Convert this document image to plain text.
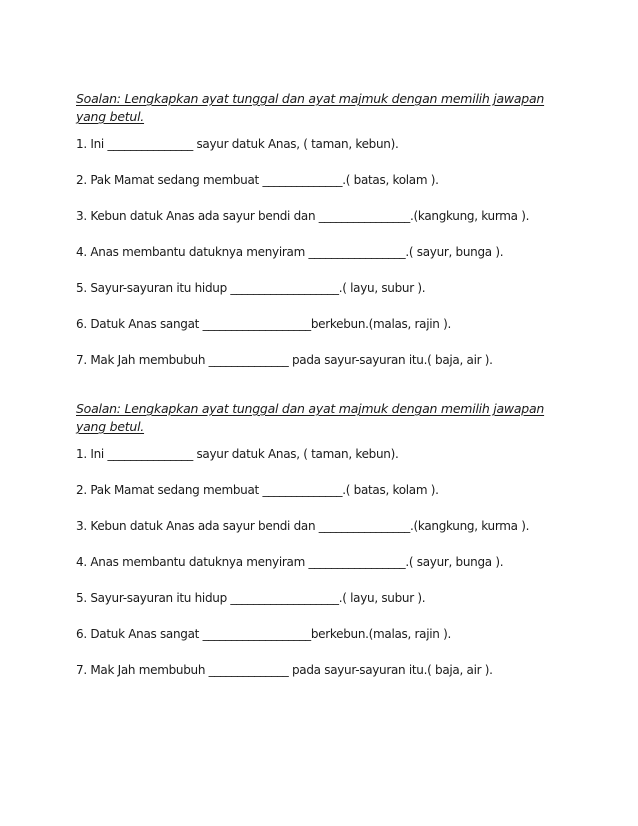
Soalan: Lengkapkan ayat tunggal dan ayat majmuk dengan memilih jawapan yang betul.

1. Ini _______________ sayur datuk Anas, ( taman, kebun).
2. Pak Mamat sedang membuat ______________.( batas, kolam ).
3. Kebun datuk Anas ada sayur bendi dan ________________.(kangkung, kurma ).
4. Anas membantu datuknya menyiram _________________.( sayur, bunga ).
5. Sayur-sayuran itu hidup ___________________.( layu, subur ).
6. Datuk Anas sangat ___________________berkebun.(malas, rajin ).
7. Mak Jah membubuh ______________ pada sayur-sayuran itu.( baja, air ).

Soalan: Lengkapkan ayat tunggal dan ayat majmuk dengan memilih jawapan yang betul.

1. Ini _______________ sayur datuk Anas, ( taman, kebun).
2. Pak Mamat sedang membuat ______________.( batas, kolam ).
3. Kebun datuk Anas ada sayur bendi dan ________________.(kangkung, kurma ).
4. Anas membantu datuknya menyiram _________________.( sayur, bunga ).
5. Sayur-sayuran itu hidup ___________________.( layu, subur ).
6. Datuk Anas sangat ___________________berkebun.(malas, rajin ).
7. Mak Jah membubuh ______________ pada sayur-sayuran itu.( baja, air ).
